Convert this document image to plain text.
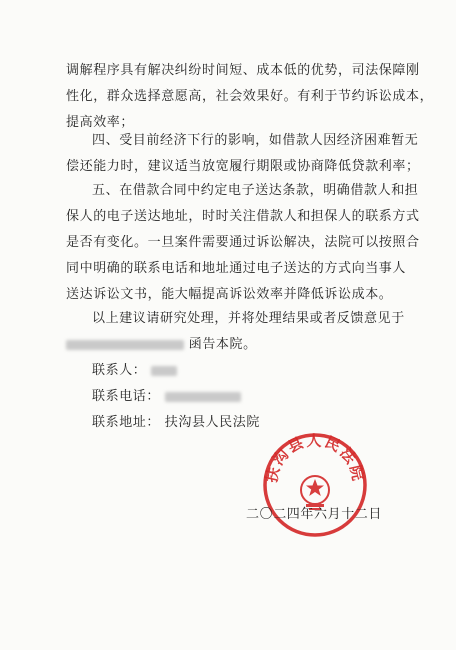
调解程序具有解决纠纷时间短、成本低的优势，司法保障刚
性化，群众选择意愿高，社会效果好。有利于节约诉讼成本，
提高效率；
四、受目前经济下行的影响，如借款人因经济困难暂无
偿还能力时，建议适当放宽履行期限或协商降低贷款利率；
五、在借款合同中约定电子送达条款，明确借款人和担
保人的电子送达地址，时时关注借款人和担保人的联系方式
是否有变化。一旦案件需要通过诉讼解决，法院可以按照合
同中明确的联系电话和地址通过电子送达的方式向当事人
送达诉讼文书，能大幅提高诉讼效率并降低诉讼成本。
以上建议请研究处理，并将处理结果或者反馈意见于
函告本院。
联系人：
联系电话：
联系地址： 扶沟县人民法院
扶沟县人民法院
二〇二四年六月十二日
